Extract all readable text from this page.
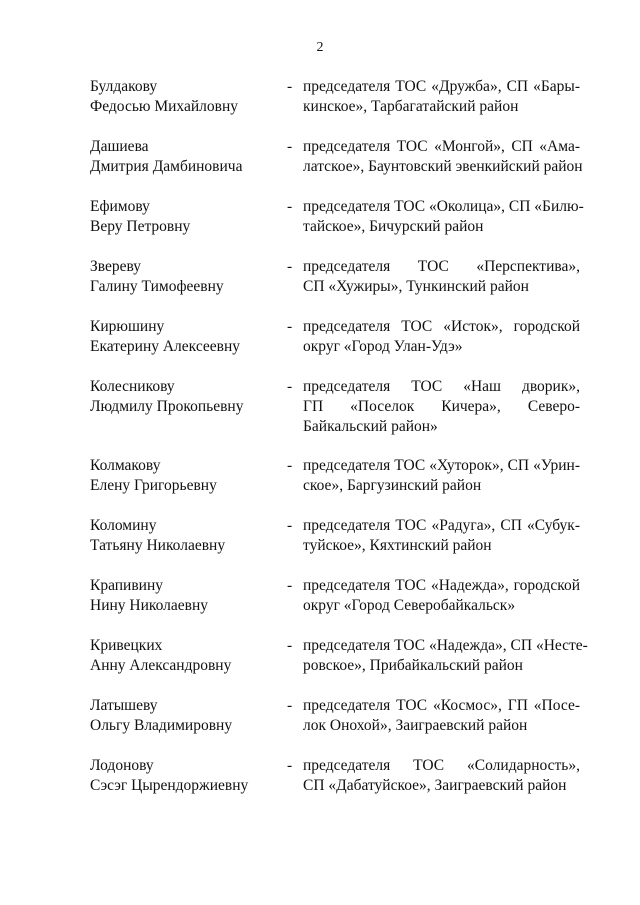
2
Булдакову
Федосью Михайловну
- председателя ТОС «Дружба», СП «Бары-
кинское», Тарбагатайский район
Дашиева
Дмитрия Дамбиновича
- председателя ТОС «Монгой», СП «Ама-
латское», Баунтовский эвенкийский район
Ефимову
Веру Петровну
- председателя ТОС «Околица», СП «Билю-
тайское», Бичурский район
Звереву
Галину Тимофеевну
- председателя ТОС «Перспектива»,
СП «Хужиры», Тункинский район
Кирюшину
Екатерину Алексеевну
- председателя ТОС «Исток», городской
округ «Город Улан-Удэ»
Колесникову
Людмилу Прокопьевну
- председателя ТОС «Наш дворик»,
ГП «Поселок Кичера», Северо-
Байкальский район»
Колмакову
Елену Григорьевну
- председателя ТОС «Хуторок», СП «Урин-
ское», Баргузинский район
Коломину
Татьяну Николаевну
- председателя ТОС «Радуга», СП «Субук-
туйское», Кяхтинский район
Крапивину
Нину Николаевну
- председателя ТОС «Надежда», городской
округ «Город Северобайкальск»
Кривецких
Анну Александровну
- председателя ТОС «Надежда», СП «Несте-
ровское», Прибайкальский район
Латышеву
Ольгу Владимировну
- председателя ТОС «Космос», ГП «Посе-
лок Онохой», Заиграевский район
Лодонову
Сэсэг Цырендоржиевну
- председателя ТОС «Солидарность»,
СП «Дабатуйское», Заиграевский район
